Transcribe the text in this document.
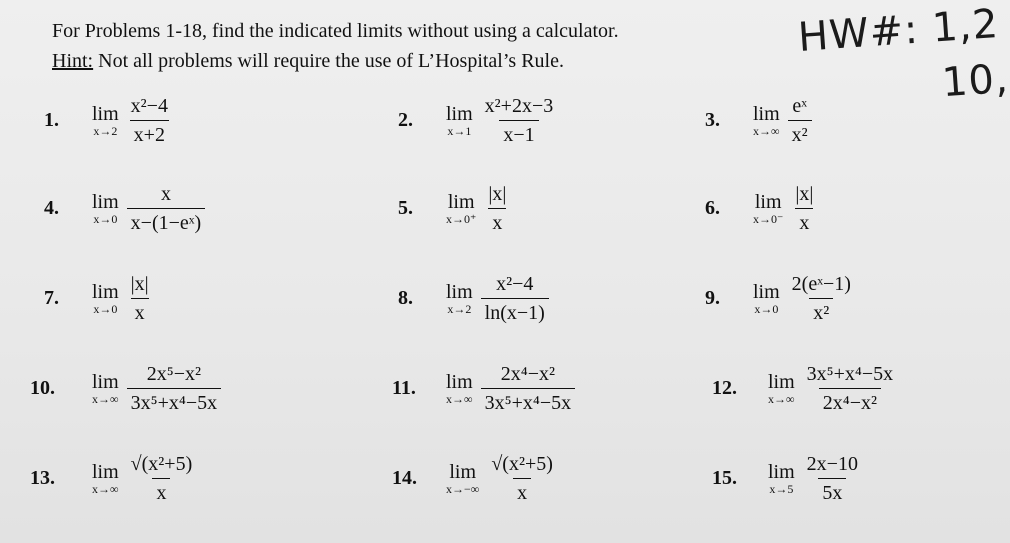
For Problems 1-18, find the indicated limits without using a calculator.
Hint: Not all problems will require the use of L’Hospital’s Rule.
HW#: 1,2
10,
1.	lim
$x\to 2 \frac{\text{x²−4}}{x+2}$	2.	lim
$x\to 1 \frac{\text{x²+2x−3}}{x-1}$	3.	lim
$x\to\infty \frac{\text{eˣ}}{\text{x²}}$
4.	lim
$x\to 0 \frac{x}{\text{x−(1−eˣ)}}$	5.	lim
$x\to 0^+ \frac{|x|}{x}$	6.	lim
$x\to 0^- \frac{|x|}{x}$
7.	lim
$x\to 0 \frac{|x|}{x}$	8.	lim
$x\to 2 \frac{\text{x²−4}}{\ln(x-1)}$	9.	lim
$x\to 0 \frac{\text{2(eˣ−1)}}{\text{x²}}$
10.	lim
$x\to\infty \frac{\text{2x⁵−x²}}{\text{3x⁵+x⁴−5x}}$	11.	lim
$x\to\infty \frac{\text{2x⁴−x²}}{\text{3x⁵+x⁴−5x}}$	12.	lim
$x\to\infty \frac{\text{3x⁵+x⁴−5x}}{\text{2x⁴−x²}}$
13.	lim
$x\to\infty \frac{\text{√(x²+5)}}{x}$	14.	lim
$x\to-\infty \frac{\text{√(x²+5)}}{x}$	15.	lim
$x\to 5 \frac{2x-10}{5x}$
